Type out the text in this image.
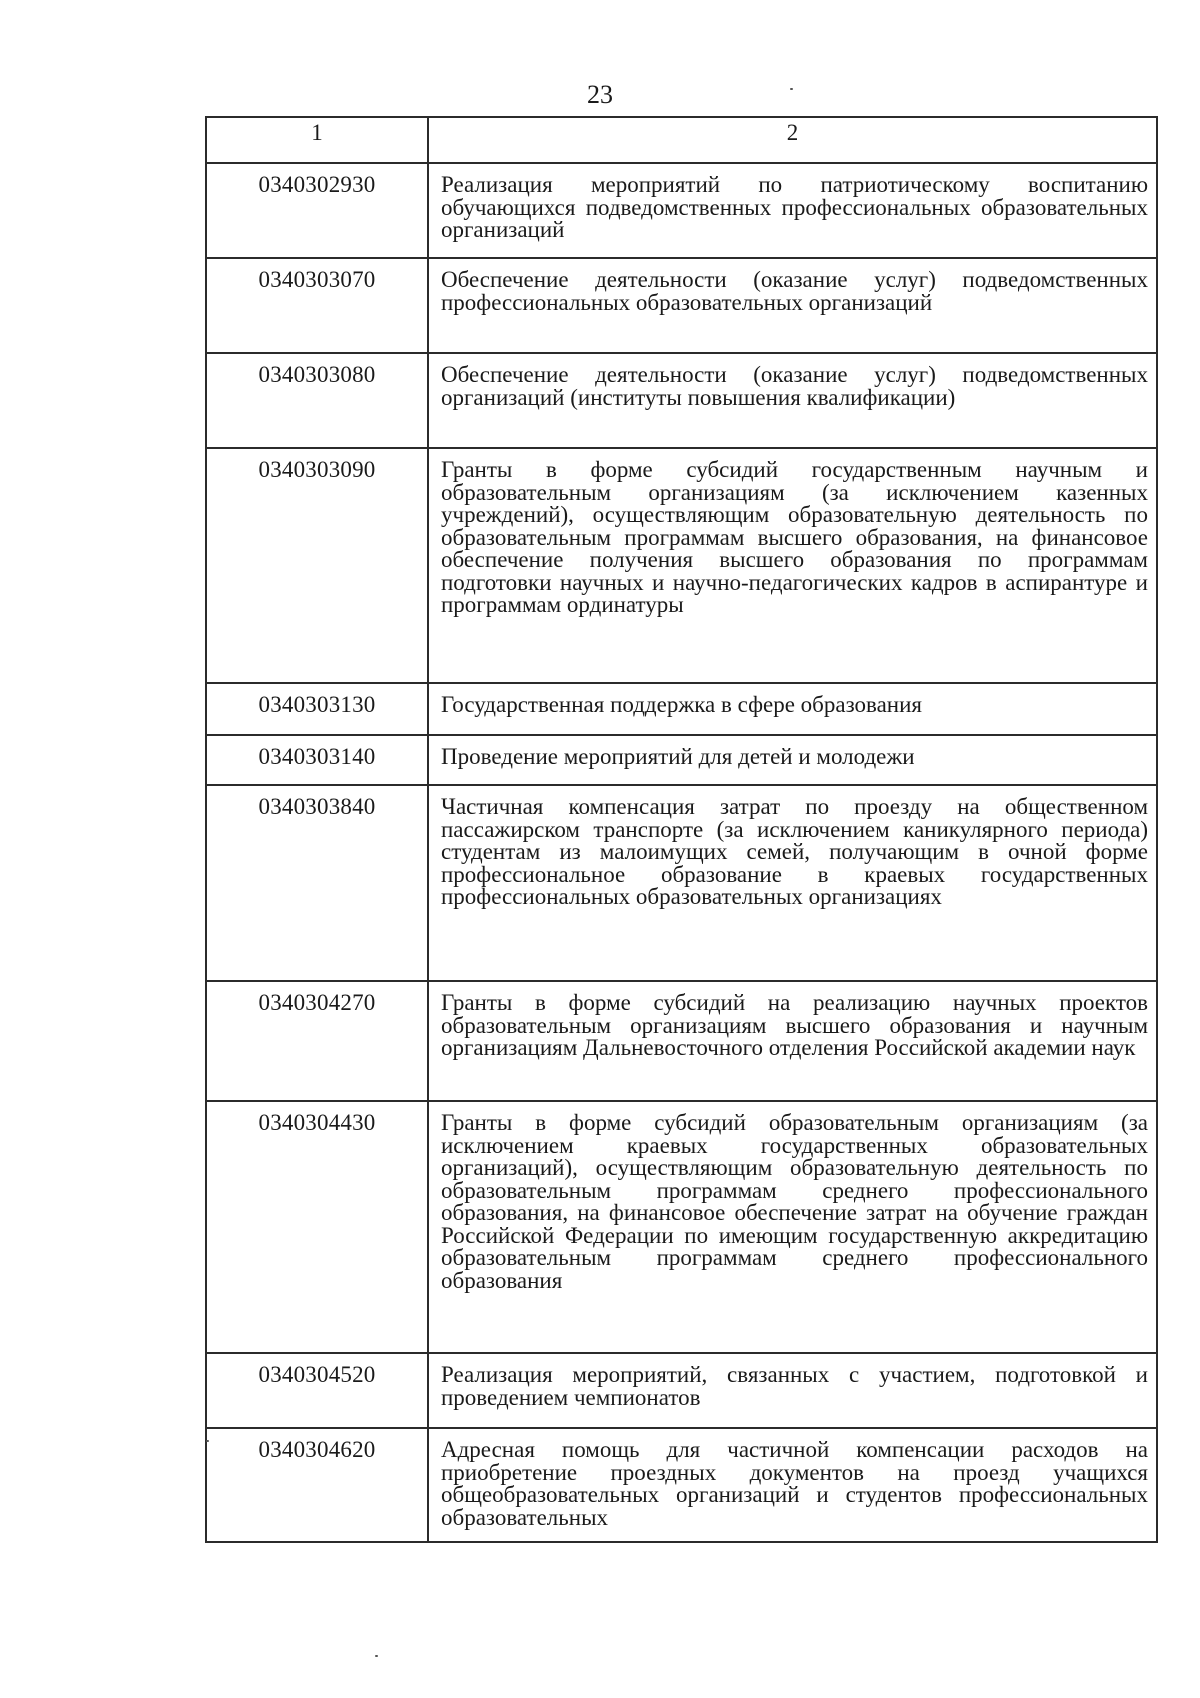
23
1	2
0340302930	Реализация мероприятий по патриотическому воспитанию обучающихся подведомственных профессиональных образовательных организаций
0340303070	Обеспечение деятельности (оказание услуг) подведомственных профессиональных образовательных организаций
0340303080	Обеспечение деятельности (оказание услуг) подведомственных организаций (институты повышения квалификации)
0340303090	Гранты в форме субсидий государственным научным и образовательным организациям (за исключением казенных учреждений), осуществляющим образовательную деятельность по образовательным программам высшего образования, на финансовое обеспечение получения высшего образования по программам подготовки научных и научно-педагогических кадров в аспирантуре и программам ординатуры
0340303130	Государственная поддержка в сфере образования
0340303140	Проведение мероприятий для детей и молодежи
0340303840	Частичная компенсация затрат по проезду на общественном пассажирском транспорте (за исключением каникулярного периода) студентам из малоимущих семей, получающим в очной форме профессиональное образование в краевых государственных профессиональных образовательных организациях
0340304270	Гранты в форме субсидий на реализацию научных проектов образовательным организациям высшего образования и научным организациям Дальневосточного отделения Российской академии наук
0340304430	Гранты в форме субсидий образовательным организациям (за исключением краевых государственных образовательных организаций), осуществляющим образовательную деятельность по образовательным программам среднего профессионального образования, на финансовое обеспечение затрат на обучение граждан Российской Федерации по имеющим государственную аккредитацию образовательным программам среднего профессионального образования
0340304520	Реализация мероприятий, связанных с участием, подготовкой и проведением чемпионатов
0340304620	Адресная помощь для частичной компенсации расходов на приобретение проездных документов на проезд учащихся общеобразовательных организаций и студентов профессиональных образовательных
